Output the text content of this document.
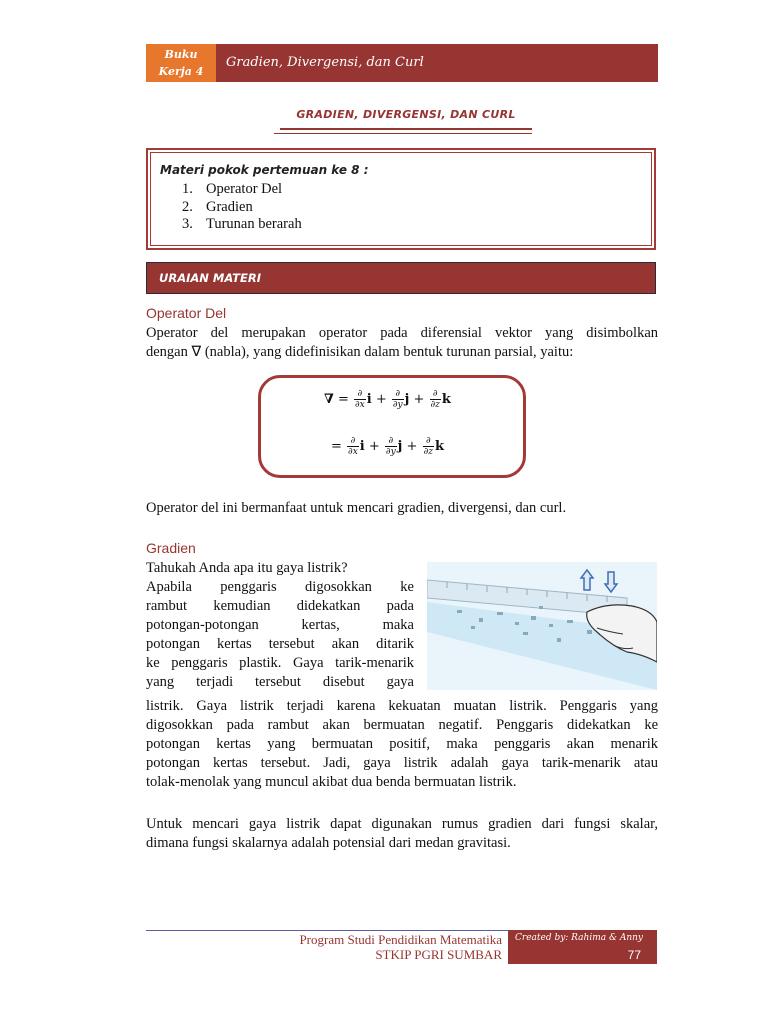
Buku
Kerja 4
Gradien, Divergensi, dan Curl
GRADIEN, DIVERGENSI, DAN CURL
Materi pokok pertemuan ke 8 :
1. Operator Del
2. Gradien
3. Turunan berarah
URAIAN MATERI
Operator Del
Operator del merupakan operator pada diferensial vektor yang disimbolkan
dengan ∇ (nabla), yang didefinisikan dalam bentuk turunan parsial, yaitu:
∇ = $\frac{\partial}{\partial x}$ $i + \frac{\partial}{\partial y}$ $j + \frac{\partial}{\partial z}$ k
= $\frac{\partial}{\partial x}$ $i + \frac{\partial}{\partial y}$ $j + \frac{\partial}{\partial z}$ k
Operator del ini bermanfaat untuk mencari gradien, divergensi, dan curl.
Gradien
Tahukah Anda apa itu gaya listrik?
Apabila penggaris digosokkan ke
rambut kemudian didekatkan pada
potongan-potongan kertas, maka
potongan kertas tersebut akan ditarik
ke penggaris plastik. Gaya tarik-menarik
yang terjadi tersebut disebut gaya
listrik. Gaya listrik terjadi karena kekuatan muatan listrik. Penggaris yang
digosokkan pada rambut akan bermuatan negatif. Penggaris didekatkan ke
potongan kertas yang bermuatan positif, maka penggaris akan menarik
potongan kertas tersebut. Jadi, gaya listrik adalah gaya tarik-menarik atau
tolak-menolak yang muncul akibat dua benda bermuatan listrik.
Untuk mencari gaya listrik dapat digunakan rumus gradien dari fungsi skalar,
dimana fungsi skalarnya adalah potensial dari medan gravitasi.
Program Studi Pendidikan Matematika
STKIP PGRI SUMBAR
Created by: Rahima & Anny
77
